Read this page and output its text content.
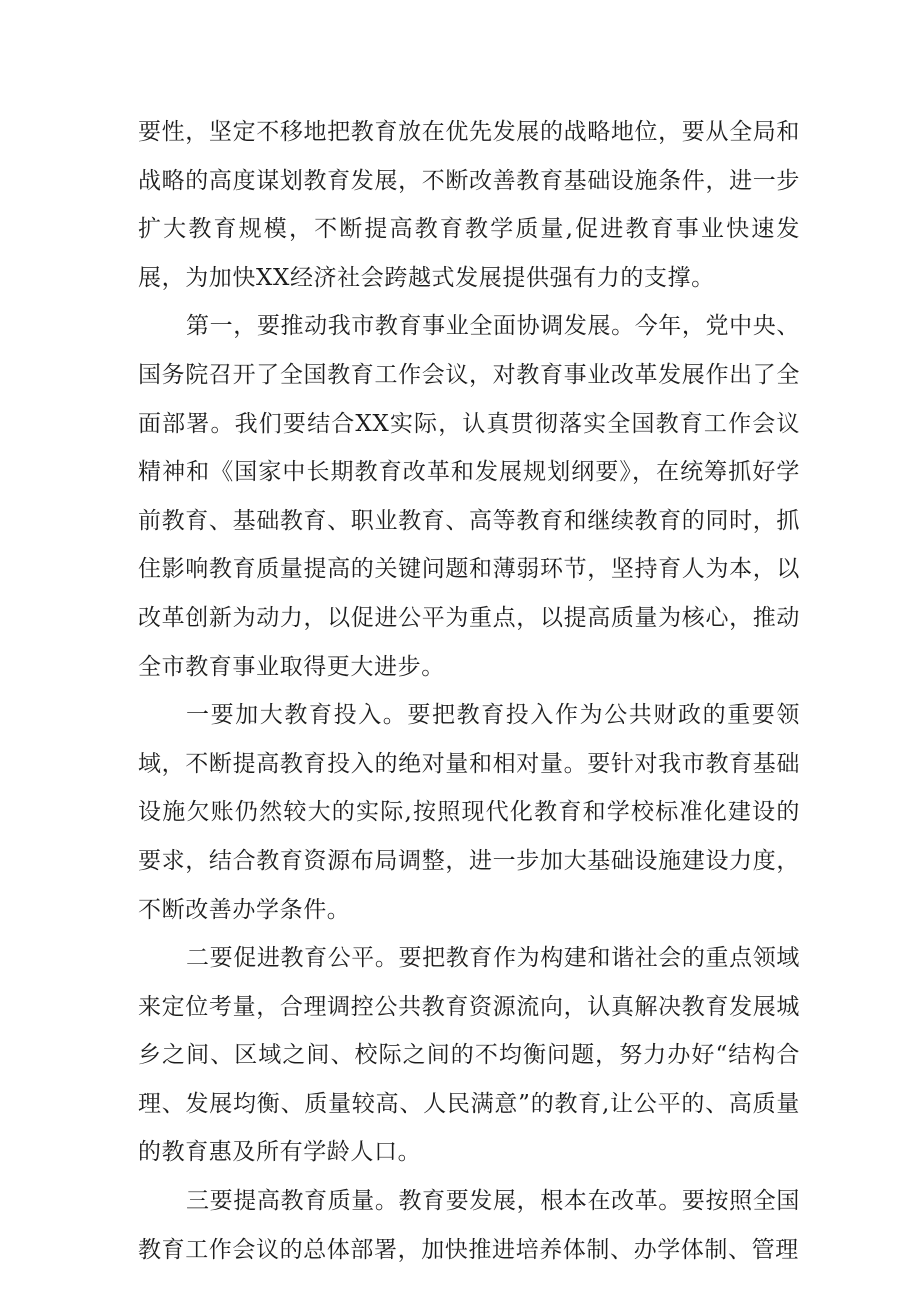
要性，坚定不移地把教育放在优先发展的战略地位，要从全局和战略的高度谋划教育发展，不断改善教育基础设施条件，进一步扩大教育规模，不断提高教育教学质量,促进教育事业快速发展，为加快XX经济社会跨越式发展提供强有力的支撑。

第一，要推动我市教育事业全面协调发展。今年，党中央、国务院召开了全国教育工作会议，对教育事业改革发展作出了全面部署。我们要结合XX实际，认真贯彻落实全国教育工作会议精神和《国家中长期教育改革和发展规划纲要》，在统筹抓好学前教育、基础教育、职业教育、高等教育和继续教育的同时，抓住影响教育质量提高的关键问题和薄弱环节，坚持育人为本，以改革创新为动力，以促进公平为重点，以提高质量为核心，推动全市教育事业取得更大进步。

一要加大教育投入。要把教育投入作为公共财政的重要领域，不断提高教育投入的绝对量和相对量。要针对我市教育基础设施欠账仍然较大的实际,按照现代化教育和学校标准化建设的要求，结合教育资源布局调整，进一步加大基础设施建设力度，不断改善办学条件。

二要促进教育公平。要把教育作为构建和谐社会的重点领域来定位考量，合理调控公共教育资源流向，认真解决教育发展城乡之间、区域之间、校际之间的不均衡问题，努力办好“结构合理、发展均衡、质量较高、人民满意”的教育,让公平的、高质量的教育惠及所有学龄人口。

三要提高教育质量。教育要发展，根本在改革。要按照全国教育工作会议的总体部署，加快推进培养体制、办学体制、管理
